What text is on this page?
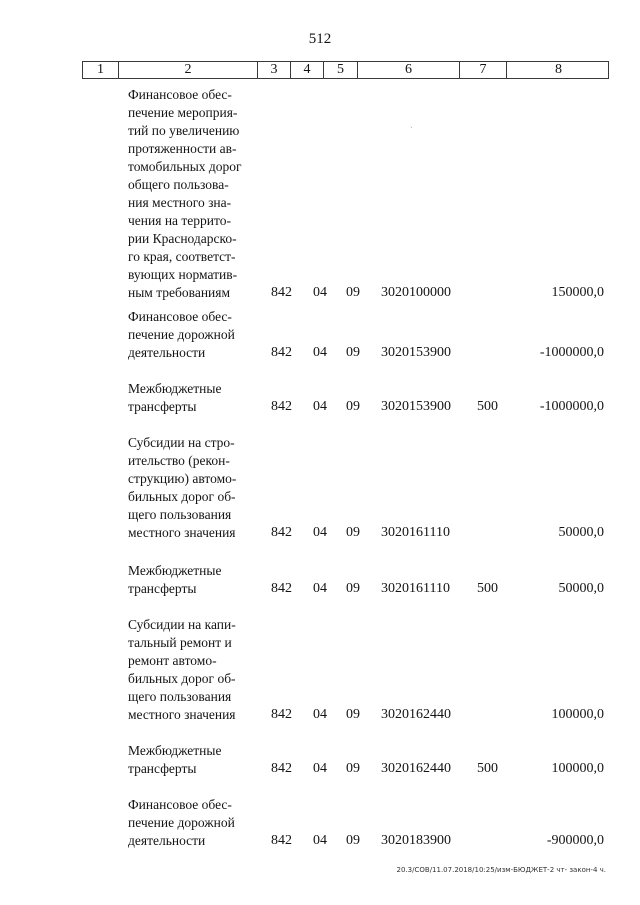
512
1	2	3	4	5	6	7	8
ˎ
Финансовое обес-
печение мероприя-
тий по увеличению
протяженности ав-
томобильных дорог
общего пользова-
ния местного зна-
чения на террито-
рии Краснодарско-
го края, соответст-
вующих норматив-
ным требованиям	842 04 09 3020100000	150000,0
Финансовое обес-
печение дорожной
деятельности	842 04 09 3020153900	-1000000,0
Межбюджетные
трансферты	842 04 09 3020153900 500	-1000000,0
Субсидии на стро-
ительство (рекон-
струкцию) автомо-
бильных дорог об-
щего пользования
местного значения	842 04 09 3020161110	50000,0
Межбюджетные
трансферты	842 04 09 3020161110 500	50000,0
Субсидии на капи-
тальный ремонт и
ремонт автомо-
бильных дорог об-
щего пользования
местного значения	842 04 09 3020162440	100000,0
Межбюджетные
трансферты	842 04 09 3020162440 500	100000,0
Финансовое обес-
печение дорожной
деятельности	842 04 09 3020183900	-900000,0
20.3/COB/11.07.2018/10:25/изм-БЮДЖЕТ-2 чт- закон-4 ч.
